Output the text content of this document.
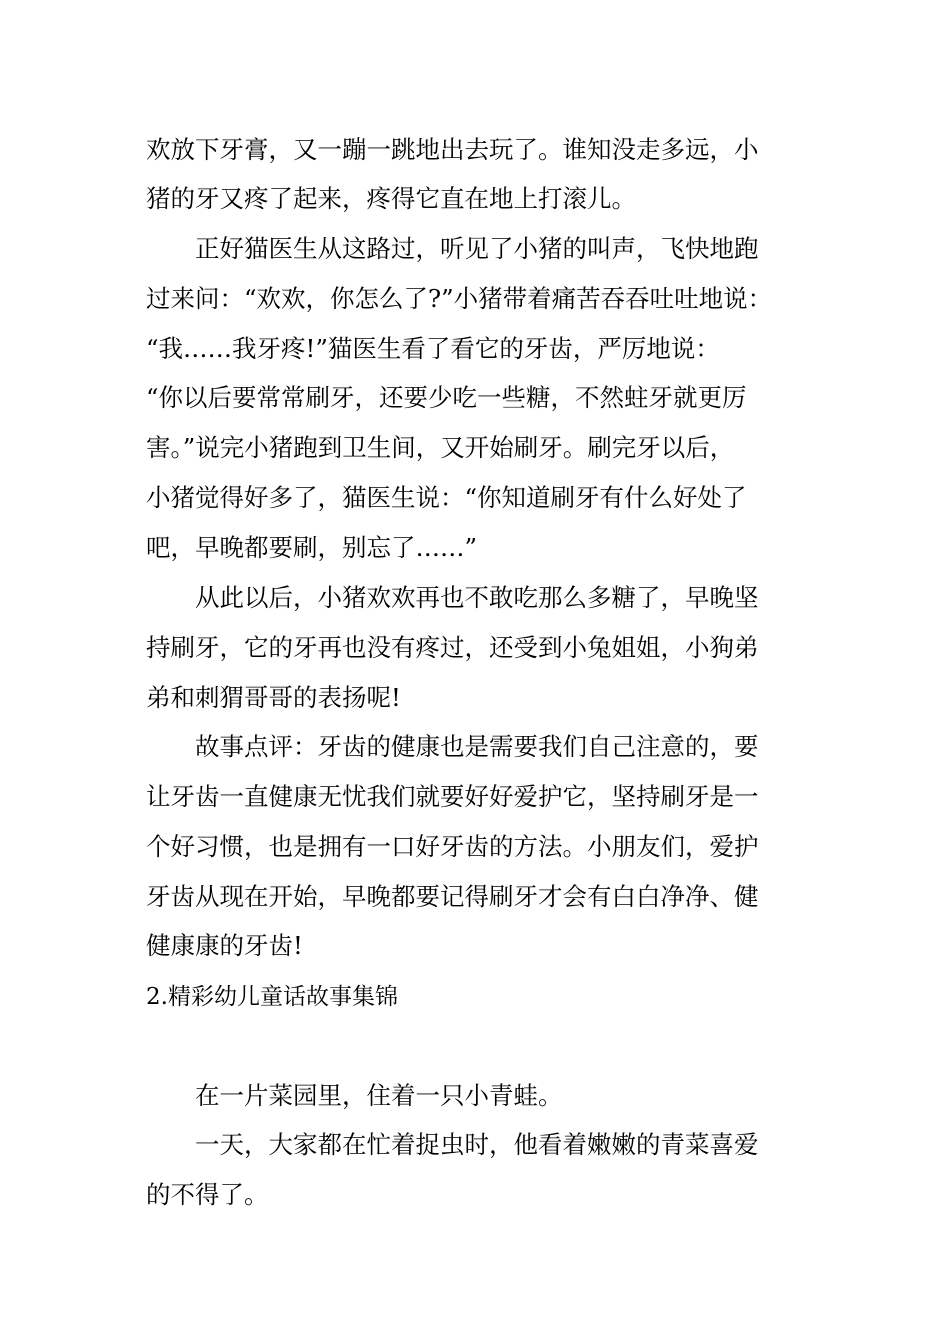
欢放下牙膏，又一蹦一跳地出去玩了。谁知没走多远，小
猪的牙又疼了起来，疼得它直在地上打滚儿。
正好猫医生从这路过，听见了小猪的叫声，飞快地跑
过来问：“欢欢，你怎么了?”小猪带着痛苦吞吞吐吐地说：
“我……我牙疼!”猫医生看了看它的牙齿，严厉地说：
“你以后要常常刷牙，还要少吃一些糖，不然蛀牙就更厉
害。”说完小猪跑到卫生间，又开始刷牙。刷完牙以后，
小猪觉得好多了，猫医生说：“你知道刷牙有什么好处了
吧，早晚都要刷，别忘了……”
从此以后，小猪欢欢再也不敢吃那么多糖了，早晚坚
持刷牙，它的牙再也没有疼过，还受到小兔姐姐，小狗弟
弟和刺猬哥哥的表扬呢!
故事点评：牙齿的健康也是需要我们自己注意的，要
让牙齿一直健康无忧我们就要好好爱护它，坚持刷牙是一
个好习惯，也是拥有一口好牙齿的方法。小朋友们，爱护
牙齿从现在开始，早晚都要记得刷牙才会有白白净净、健
健康康的牙齿!
2.精彩幼儿童话故事集锦
在一片菜园里，住着一只小青蛙。
一天，大家都在忙着捉虫时，他看着嫩嫩的青菜喜爱
的不得了。
